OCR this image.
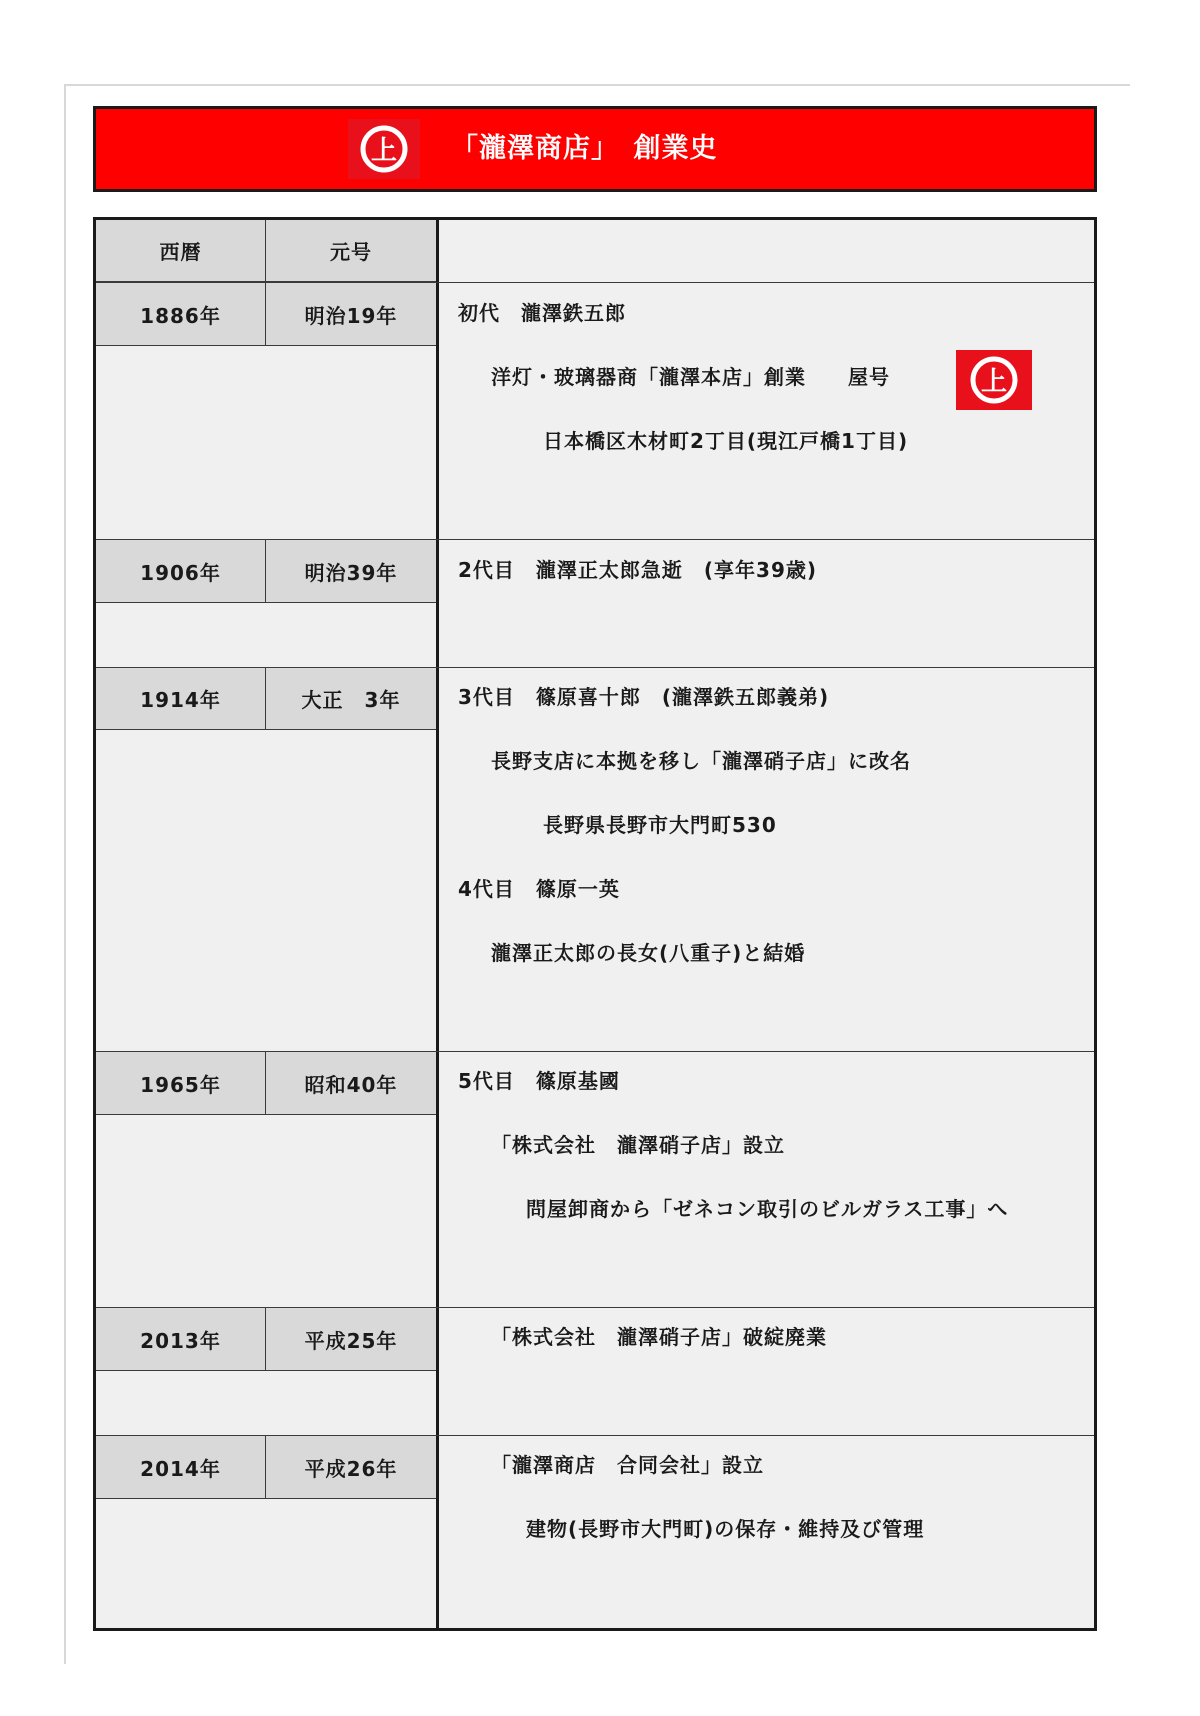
上 「瀧澤商店」　創業史
西暦	元号
1886年	明治19年	初代　瀧澤鉄五郎
洋灯・玻璃器商「瀧澤本店」創業　　屋号	上
日本橋区木材町2丁目(現江戸橋1丁目)
1906年	明治39年	2代目　瀧澤正太郎急逝　(享年39歳)
1914年	大正　3年	3代目　篠原喜十郎　(瀧澤鉄五郎義弟)
長野支店に本拠を移し「瀧澤硝子店」に改名
長野県長野市大門町530
4代目　篠原一英
瀧澤正太郎の長女(八重子)と結婚
1965年	昭和40年	5代目　篠原基國
「株式会社　瀧澤硝子店」設立
問屋卸商から「ゼネコン取引のビルガラス工事」へ
2013年	平成25年	「株式会社　瀧澤硝子店」破綻廃業
2014年	平成26年	「瀧澤商店　合同会社」設立
建物(長野市大門町)の保存・維持及び管理
